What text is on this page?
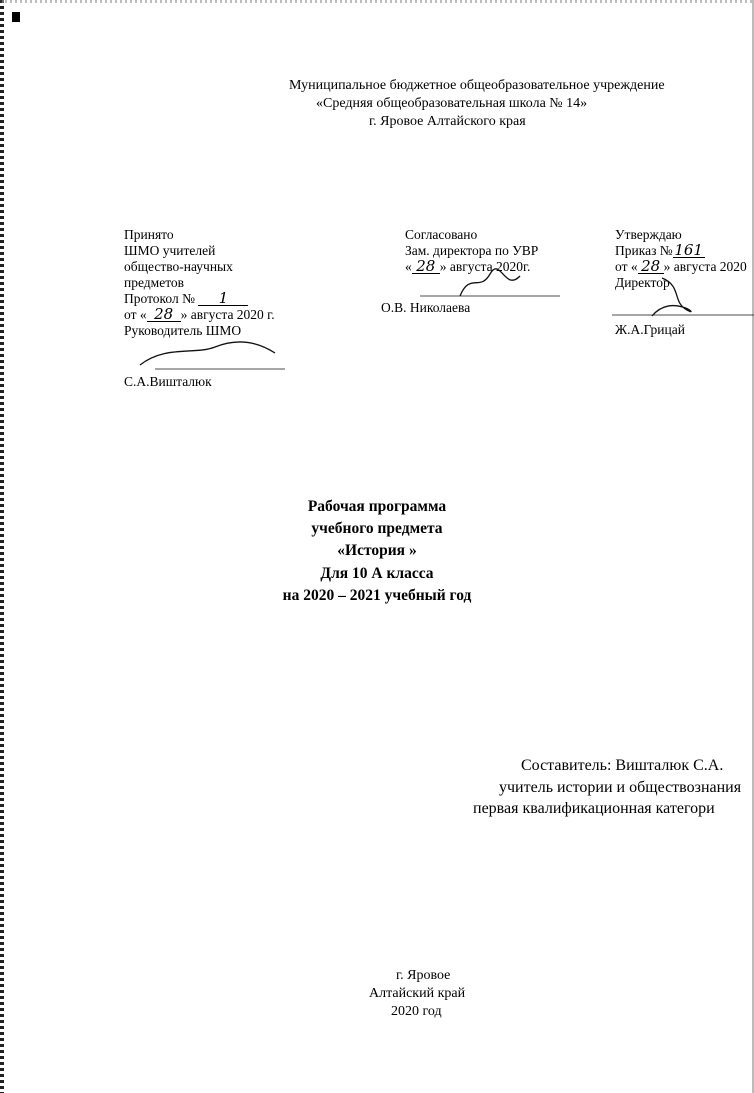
Муниципальное бюджетное общеобразовательное учреждение
«Средняя общеобразовательная школа № 14»
г. Яровое Алтайского края
Принято
ШМО учителей
общество-научных
предметов
Протокол № 1
от « 28 » августа 2020 г.
Руководитель ШМО
С.А.Вишталюк
Согласовано
Зам. директора по УВР
« 28 » августа 2020г.
О.В. Николаева
Утверждаю
Приказ № 161
от « 28 » августа 2020
Директор
Ж.А.Грицай
Рабочая программа
учебного предмета
«История »
Для 10 А класса
на 2020 – 2021 учебный год
Составитель: Вишталюк С.А.
учитель истории и обществознания
первая квалификационная категори
г. Яровое
Алтайский край
2020 год
